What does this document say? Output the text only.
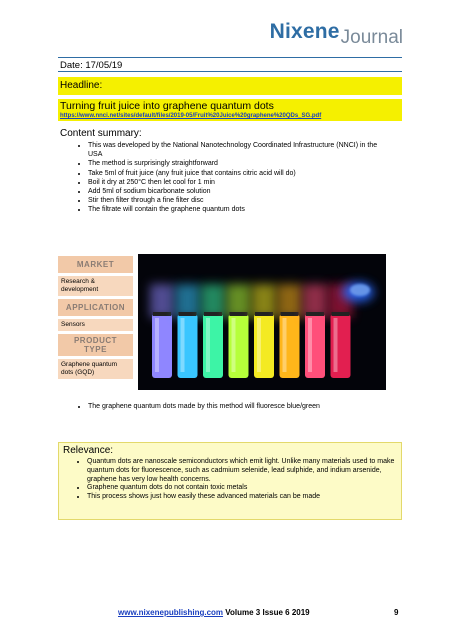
NixeneJournal
Date: 17/05/19
Headline:
Turning fruit juice into graphene quantum dots
https://www.nnci.net/sites/default/files/2019-05/Fruit%20Juice%20graphene%20QDs_SG.pdf
Content summary:
• This was developed by the National Nanotechnology Coordinated Infrastructure (NNCI) in the USA
• The method is surprisingly straightforward
• Take 5ml of fruit juice (any fruit juice that contains citric acid will do)
• Boil it dry at 250°C then let cool for 1 min
• Add 5ml of sodium bicarbonate solution
• Stir then filter through a fine filter disc
• The filtrate will contain the graphene quantum dots
MARKET
Research & development
APPLICATION
Sensors
PRODUCT TYPE
Graphene quantum dots (GQD)
• The graphene quantum dots made by this method will fluoresce blue/green
Relevance:
• Quantum dots are nanoscale semiconductors which emit light. Unlike many materials used to make quantum dots for fluorescence, such as cadmium selenide, lead sulphide, and indium arsenide, graphene has very low health concerns.
• Graphene quantum dots do not contain toxic metals
• This process shows just how easily these advanced materials can be made
www.nixenepublishing.com Volume 3 Issue 6 2019	9
